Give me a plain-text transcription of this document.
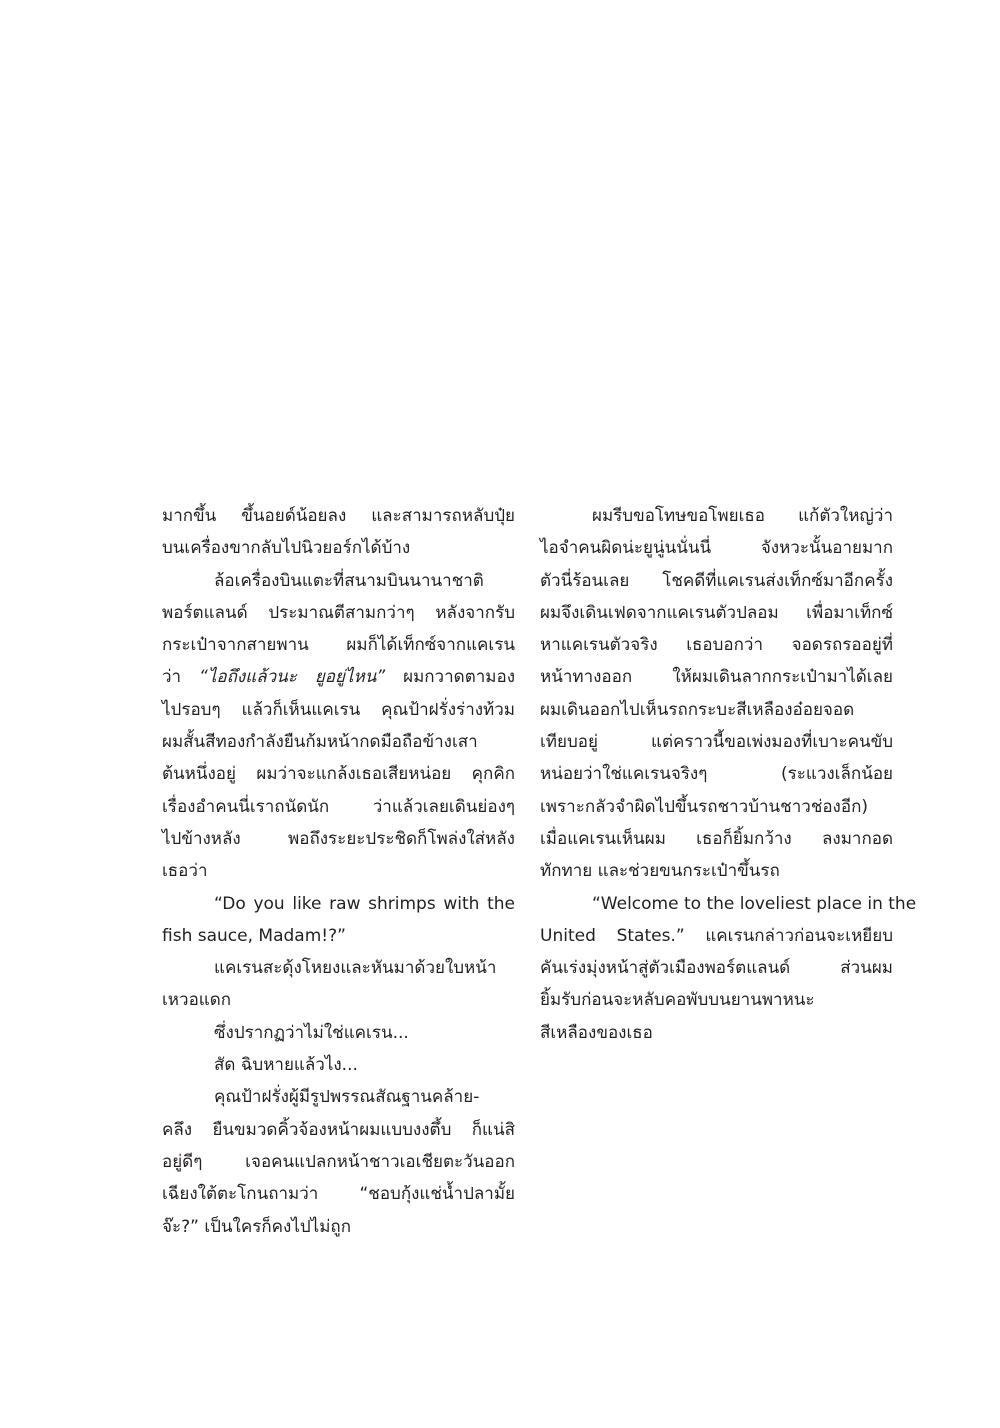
มากขึ้น ขึ้นอยด์น้อยลง และสามารถหลับปุ๋ย
บนเครื่องขากลับไปนิวยอร์กได้บ้าง
ล้อเครื่องบินแตะที่สนามบินนานาชาติ
พอร์ตแลนด์ ประมาณตีสามกว่าๆ หลังจากรับ
กระเป๋าจากสายพาน ผมก็ได้เท็กซ์จากแคเรน
ว่า “ไอถึงแล้วนะ ยูอยู่ไหน” ผมกวาดตามอง
ไปรอบๆ แล้วก็เห็นแคเรน คุณป้าฝรั่งร่างท้วม
ผมสั้นสีทองกำลังยืนก้มหน้ากดมือถือข้างเสา
ต้นหนึ่งอยู่ ผมว่าจะแกล้งเธอเสียหน่อย คุกคิก
เรื่องอำคนนี่เราถนัดนัก ว่าแล้วเลยเดินย่องๆ
ไปข้างหลัง พอถึงระยะประชิดก็โพล่งใส่หลัง
เธอว่า
“Do you like raw shrimps with the
fish sauce, Madam!?”
แคเรนสะดุ้งโหยงและหันมาด้วยใบหน้า
เหวอแดก
ซึ่งปรากฏว่าไม่ใช่แคเรน...
สัด ฉิบหายแล้วไง...
คุณป้าฝรั่งผู้มีรูปพรรณสัณฐานคล้าย-
คลึง ยืนขมวดคิ้วจ้องหน้าผมแบบงงตึ้บ ก็แน่สิ
อยู่ดีๆ เจอคนแปลกหน้าชาวเอเชียตะวันออก
เฉียงใต้ตะโกนถามว่า “ชอบกุ้งแช่น้ำปลามั้ย
จ๊ะ?” เป็นใครก็คงไปไม่ถูก
ผมรีบขอโทษขอโพยเธอ แก้ตัวใหญ่ว่า
ไอจำคนผิดน่ะยูนู่นนั่นนี่ จังหวะนั้นอายมาก
ตัวนี่ร้อนเลย โชคดีที่แคเรนส่งเท็กซ์มาอีกครั้ง
ผมจึงเดินเฟดจากแคเรนตัวปลอม เพื่อมาเท็กซ์
หาแคเรนตัวจริง เธอบอกว่า จอดรถรออยู่ที่
หน้าทางออก ให้ผมเดินลากกระเป๋ามาได้เลย
ผมเดินออกไปเห็นรถกระบะสีเหลืองอ๋อยจอด
เทียบอยู่ แต่คราวนี้ขอเพ่งมองที่เบาะคนขับ
หน่อยว่าใช่แคเรนจริงๆ (ระแวงเล็กน้อย
เพราะกลัวจำผิดไปขึ้นรถชาวบ้านชาวช่องอีก)
เมื่อแคเรนเห็นผม เธอก็ยิ้มกว้าง ลงมากอด
ทักทาย และช่วยขนกระเป๋าขึ้นรถ
“Welcome to the loveliest place in the
United States.” แคเรนกล่าวก่อนจะเหยียบ
คันเร่งมุ่งหน้าสู่ตัวเมืองพอร์ตแลนด์ ส่วนผม
ยิ้มรับก่อนจะหลับคอพับบนยานพาหนะ
สีเหลืองของเธอ
